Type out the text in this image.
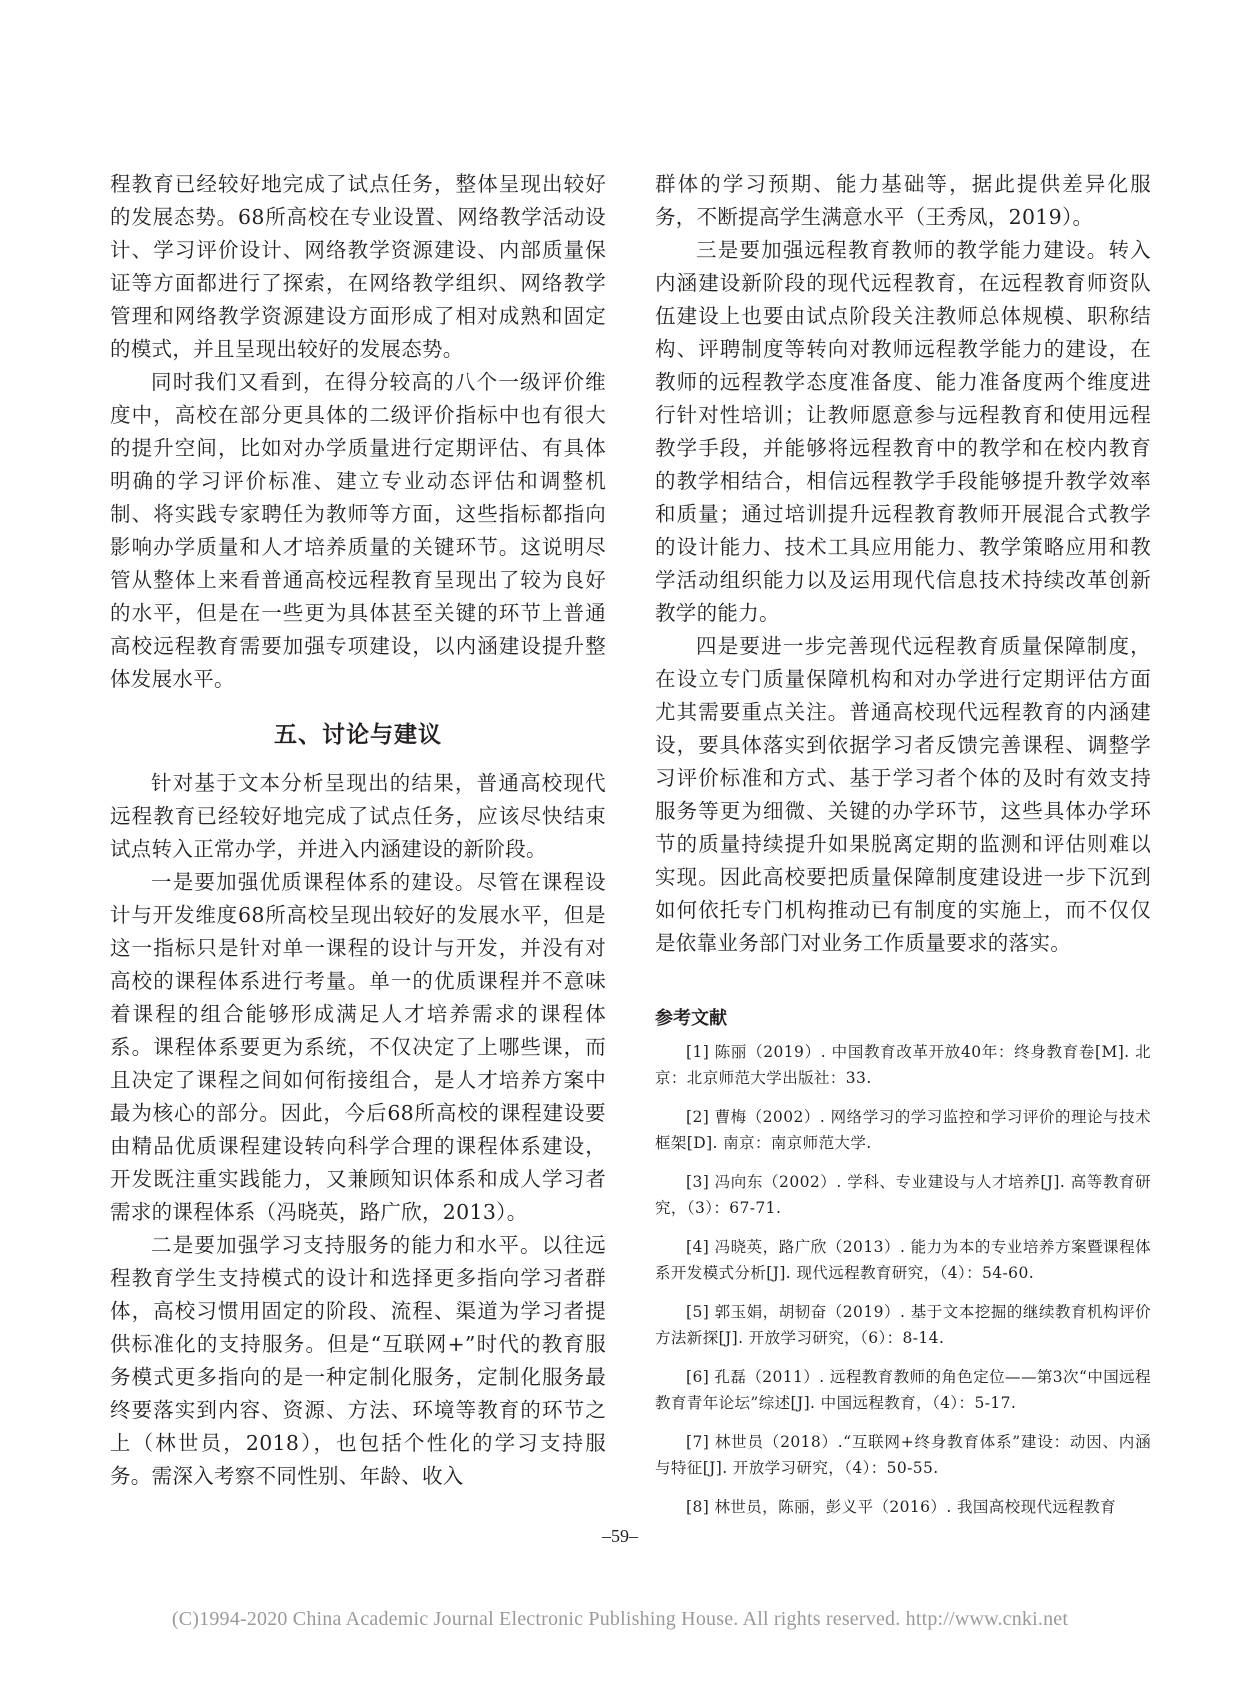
程教育已经较好地完成了试点任务，整体呈现出较好的发展态势。68所高校在专业设置、网络教学活动设计、学习评价设计、网络教学资源建设、内部质量保证等方面都进行了探索，在网络教学组织、网络教学管理和网络教学资源建设方面形成了相对成熟和固定的模式，并且呈现出较好的发展态势。

同时我们又看到，在得分较高的八个一级评价维度中，高校在部分更具体的二级评价指标中也有很大的提升空间，比如对办学质量进行定期评估、有具体明确的学习评价标准、建立专业动态评估和调整机制、将实践专家聘任为教师等方面，这些指标都指向影响办学质量和人才培养质量的关键环节。这说明尽管从整体上来看普通高校远程教育呈现出了较为良好的水平，但是在一些更为具体甚至关键的环节上普通高校远程教育需要加强专项建设，以内涵建设提升整体发展水平。

五、讨论与建议

针对基于文本分析呈现出的结果，普通高校现代远程教育已经较好地完成了试点任务，应该尽快结束试点转入正常办学，并进入内涵建设的新阶段。

一是要加强优质课程体系的建设。尽管在课程设计与开发维度68所高校呈现出较好的发展水平，但是这一指标只是针对单一课程的设计与开发，并没有对高校的课程体系进行考量。单一的优质课程并不意味着课程的组合能够形成满足人才培养需求的课程体系。课程体系要更为系统，不仅决定了上哪些课，而且决定了课程之间如何衔接组合，是人才培养方案中最为核心的部分。因此，今后68所高校的课程建设要由精品优质课程建设转向科学合理的课程体系建设，开发既注重实践能力，又兼顾知识体系和成人学习者需求的课程体系（冯晓英，路广欣，2013）。

二是要加强学习支持服务的能力和水平。以往远程教育学生支持模式的设计和选择更多指向学习者群体，高校习惯用固定的阶段、流程、渠道为学习者提供标准化的支持服务。但是“互联网+”时代的教育服务模式更多指向的是一种定制化服务，定制化服务最终要落实到内容、资源、方法、环境等教育的环节之上（林世员，2018），也包括个性化的学习支持服务。需深入考察不同性别、年龄、收入

群体的学习预期、能力基础等，据此提供差异化服务，不断提高学生满意水平（王秀凤，2019）。

三是要加强远程教育教师的教学能力建设。转入内涵建设新阶段的现代远程教育，在远程教育师资队伍建设上也要由试点阶段关注教师总体规模、职称结构、评聘制度等转向对教师远程教学能力的建设，在教师的远程教学态度准备度、能力准备度两个维度进行针对性培训；让教师愿意参与远程教育和使用远程教学手段，并能够将远程教育中的教学和在校内教育的教学相结合，相信远程教学手段能够提升教学效率和质量；通过培训提升远程教育教师开展混合式教学的设计能力、技术工具应用能力、教学策略应用和教学活动组织能力以及运用现代信息技术持续改革创新教学的能力。

四是要进一步完善现代远程教育质量保障制度，在设立专门质量保障机构和对办学进行定期评估方面尤其需要重点关注。普通高校现代远程教育的内涵建设，要具体落实到依据学习者反馈完善课程、调整学习评价标准和方式、基于学习者个体的及时有效支持服务等更为细微、关键的办学环节，这些具体办学环节的质量持续提升如果脱离定期的监测和评估则难以实现。因此高校要把质量保障制度建设进一步下沉到如何依托专门机构推动已有制度的实施上，而不仅仅是依靠业务部门对业务工作质量要求的落实。

参考文献

[1] 陈丽（2019）. 中国教育改革开放40年：终身教育卷[M]. 北京：北京师范大学出版社：33.

[2] 曹梅（2002）. 网络学习的学习监控和学习评价的理论与技术框架[D]. 南京：南京师范大学.

[3] 冯向东（2002）. 学科、专业建设与人才培养[J]. 高等教育研究，（3）：67-71.

[4] 冯晓英，路广欣（2013）. 能力为本的专业培养方案暨课程体系开发模式分析[J]. 现代远程教育研究，（4）：54-60.

[5] 郭玉娟，胡韧奋（2019）. 基于文本挖掘的继续教育机构评价方法新探[J]. 开放学习研究，（6）：8-14.

[6] 孔磊（2011）. 远程教育教师的角色定位——第3次“中国远程教育青年论坛”综述[J]. 中国远程教育，（4）：5-17.

[7] 林世员（2018）.“互联网+终身教育体系”建设：动因、内涵与特征[J]. 开放学习研究，（4）：50-55.

[8] 林世员，陈丽，彭义平（2016）. 我国高校现代远程教育

–59–
(C)1994-2020 China Academic Journal Electronic Publishing House. All rights reserved. http://www.cnki.net
